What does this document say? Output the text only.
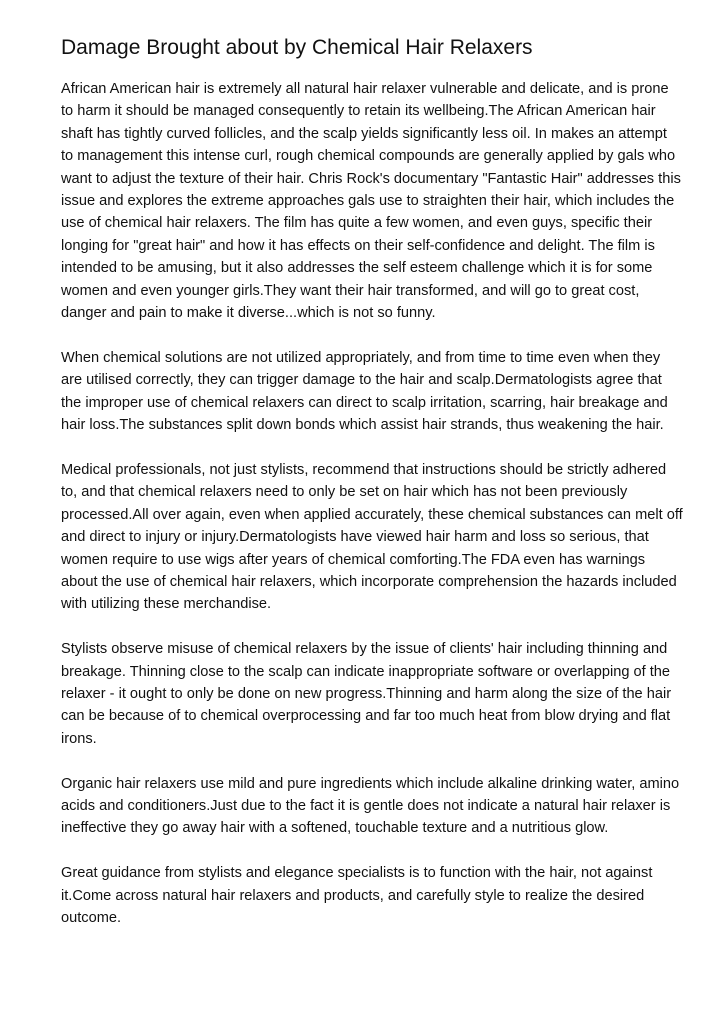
Damage Brought about by Chemical Hair Relaxers

African American hair is extremely all natural hair relaxer vulnerable and delicate, and is prone to harm it should be managed consequently to retain its wellbeing.The African American hair shaft has tightly curved follicles, and the scalp yields significantly less oil. In makes an attempt to management this intense curl, rough chemical compounds are generally applied by gals who want to adjust the texture of their hair. Chris Rock's documentary "Fantastic Hair" addresses this issue and explores the extreme approaches gals use to straighten their hair, which includes the use of chemical hair relaxers. The film has quite a few women, and even guys, specific their longing for "great hair" and how it has effects on their self-confidence and delight. The film is intended to be amusing, but it also addresses the self esteem challenge which it is for some women and even younger girls.They want their hair transformed, and will go to great cost, danger and pain to make it diverse...which is not so funny.

When chemical solutions are not utilized appropriately, and from time to time even when they are utilised correctly, they can trigger damage to the hair and scalp.Dermatologists agree that the improper use of chemical relaxers can direct to scalp irritation, scarring, hair breakage and hair loss.The substances split down bonds which assist hair strands, thus weakening the hair.

Medical professionals, not just stylists, recommend that instructions should be strictly adhered to, and that chemical relaxers need to only be set on hair which has not been previously processed.All over again, even when applied accurately, these chemical substances can melt off and direct to injury or injury.Dermatologists have viewed hair harm and loss so serious, that women require to use wigs after years of chemical comforting.The FDA even has warnings about the use of chemical hair relaxers, which incorporate comprehension the hazards included with utilizing these merchandise.

Stylists observe misuse of chemical relaxers by the issue of clients' hair including thinning and breakage. Thinning close to the scalp can indicate inappropriate software or overlapping of the relaxer - it ought to only be done on new progress.Thinning and harm along the size of the hair can be because of to chemical overprocessing and far too much heat from blow drying and flat irons.

Organic hair relaxers use mild and pure ingredients which include alkaline drinking water, amino acids and conditioners.Just due to the fact it is gentle does not indicate a natural hair relaxer is ineffective they go away hair with a softened, touchable texture and a nutritious glow.

Great guidance from stylists and elegance specialists is to function with the hair, not against it.Come across natural hair relaxers and products, and carefully style to realize the desired outcome.
